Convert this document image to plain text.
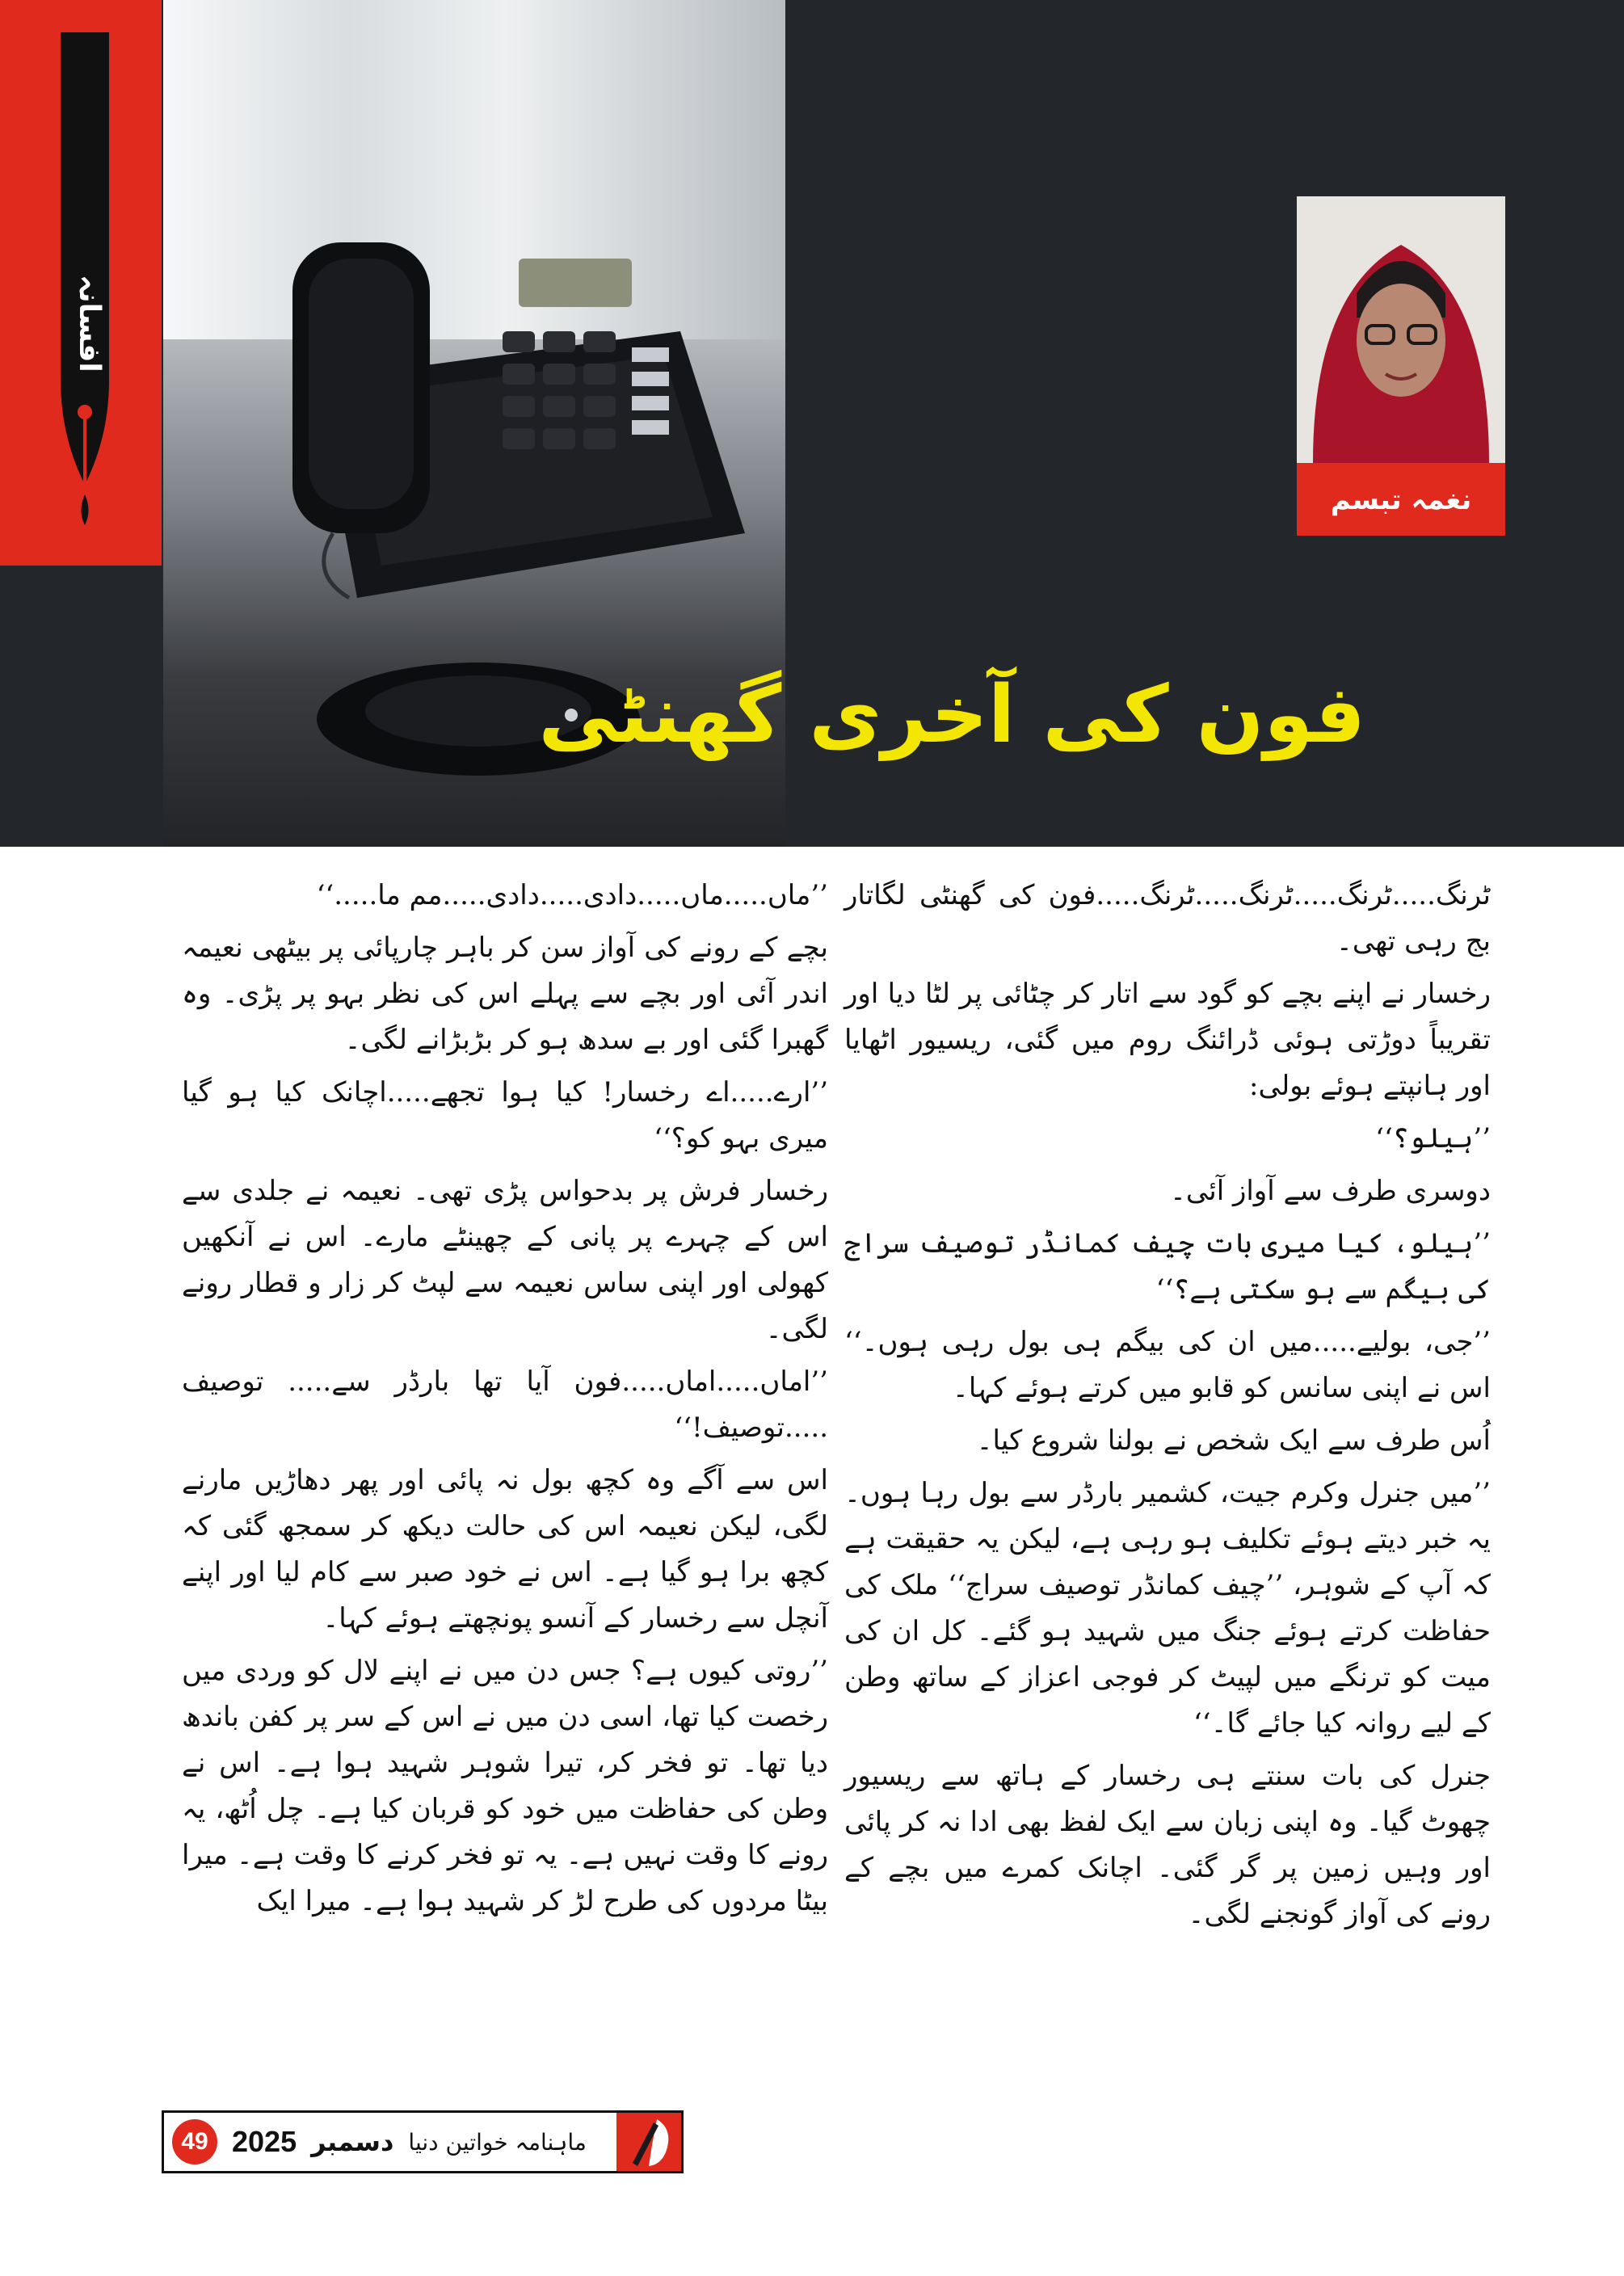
افسانہ
نغمہ تبسم
فون کی آخری گھنٹی

ٹرنگ.....ٹرنگ.....ٹرنگ.....ٹرنگ.....فون کی گھنٹی لگاتار بج رہی تھی۔

رخسار نے اپنے بچے کو گود سے اتار کر چٹائی پر لٹا دیا اور تقریباً دوڑتی ہوئی ڈرائنگ روم میں گئی، ریسیور اٹھایا اور ہانپتے ہوئے بولی:

’’ہیلو؟‘‘

دوسری طرف سے آواز آئی۔

’’ہیلو، کیا میری بات چیف کمانڈر توصیف سراج کی بیگم سے ہو سکتی ہے؟‘‘

’’جی، بولیے.....میں ان کی بیگم ہی بول رہی ہوں۔‘‘ اس نے اپنی سانس کو قابو میں کرتے ہوئے کہا۔

اُس طرف سے ایک شخص نے بولنا شروع کیا۔

’’میں جنرل وکرم جیت، کشمیر بارڈر سے بول رہا ہوں۔ یہ خبر دیتے ہوئے تکلیف ہو رہی ہے، لیکن یہ حقیقت ہے کہ آپ کے شوہر، ’’چیف کمانڈر توصیف سراج‘‘ ملک کی حفاظت کرتے ہوئے جنگ میں شہید ہو گئے۔ کل ان کی میت کو ترنگے میں لپیٹ کر فوجی اعزاز کے ساتھ وطن کے لیے روانہ کیا جائے گا۔‘‘

جنرل کی بات سنتے ہی رخسار کے ہاتھ سے ریسیور چھوٹ گیا۔ وہ اپنی زبان سے ایک لفظ بھی ادا نہ کر پائی اور وہیں زمین پر گر گئی۔ اچانک کمرے میں بچے کے رونے کی آواز گونجنے لگی۔

’’ماں.....ماں.....دادی.....دادی.....مم ما.....‘‘

بچے کے رونے کی آواز سن کر باہر چارپائی پر بیٹھی نعیمہ اندر آئی اور بچے سے پہلے اس کی نظر بہو پر پڑی۔ وہ گھبرا گئی اور بے سدھ ہو کر بڑبڑانے لگی۔

’’ارے.....اے رخسار! کیا ہوا تجھے.....اچانک کیا ہو گیا میری بہو کو؟‘‘

رخسار فرش پر بدحواس پڑی تھی۔ نعیمہ نے جلدی سے اس کے چہرے پر پانی کے چھینٹے مارے۔ اس نے آنکھیں کھولی اور اپنی ساس نعیمہ سے لپٹ کر زار و قطار رونے لگی۔

’’اماں.....اماں.....فون آیا تھا بارڈر سے..... توصیف .....توصیف!‘‘

اس سے آگے وہ کچھ بول نہ پائی اور پھر دھاڑیں مارنے لگی، لیکن نعیمہ اس کی حالت دیکھ کر سمجھ گئی کہ کچھ برا ہو گیا ہے۔ اس نے خود صبر سے کام لیا اور اپنے آنچل سے رخسار کے آنسو پونچھتے ہوئے کہا۔

’’روتی کیوں ہے؟ جس دن میں نے اپنے لال کو وردی میں رخصت کیا تھا، اسی دن میں نے اس کے سر پر کفن باندھ دیا تھا۔ تو فخر کر، تیرا شوہر شہید ہوا ہے۔ اس نے وطن کی حفاظت میں خود کو قربان کیا ہے۔ چل اُٹھ، یہ رونے کا وقت نہیں ہے۔ یہ تو فخر کرنے کا وقت ہے۔ میرا بیٹا مردوں کی طرح لڑ کر شہید ہوا ہے۔ میرا ایک

49 2025 دسمبر ماہنامہ خواتین دنیا
